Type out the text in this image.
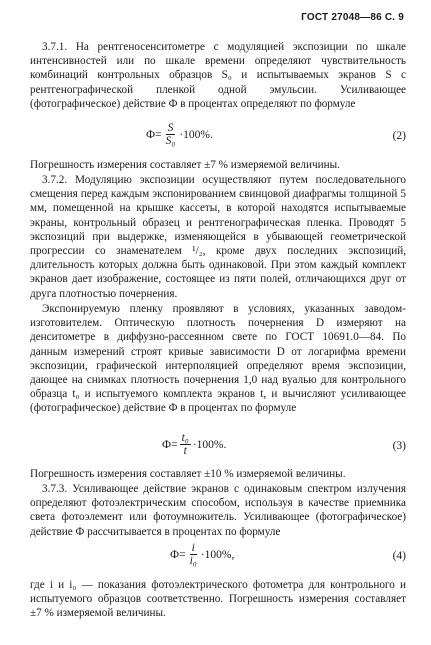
ГОСТ 27048—86 С. 9

3.7.1. На рентгеносенситометре с модуляцией экспозиции по шкале интенсивностей или по шкале времени определяют чувствительность комбинаций контрольных образцов S₀ и испытываемых экранов S с рентгенографической пленкой одной эмульсии. Усиливающее (фотографическое) действие Ф в процентах определяют по формуле

$Ф= \frac{S}{\text{S₀}} \cdot 100\%$.	(2)

Погрешность измерения составляет ±7 % измеряемой величины.

3.7.2. Модуляцию экспозиции осуществляют путем последовательного смещения перед каждым экспонированием свинцовой диафрагмы толщиной 5 мм, помещенной на крышке кассеты, в которой находятся испытываемые экраны, контрольный образец и рентгенографическая пленка. Проводят 5 экспозиций при выдержке, изменяющейся в убывающей геометрической прогрессии со знаменателем ¹/₂, кроме двух последних экспозиций, длительность которых должна быть одинаковой. При этом каждый комплект экранов дает изображение, состоящее из пяти полей, отличающихся друг от друга плотностью почернения.

Экспонируемую пленку проявляют в условиях, указанных заводом-изготовителем. Оптическую плотность почернения D измеряют на денситометре в диффузно-рассеянном свете по ГОСТ 10691.0—84. По данным измерений строят кривые зависимости D от логарифма времени экспозиции, графической интерполяцией определяют время экспозиции, дающее на снимках плотность почернения 1,0 над вуалью для контрольного образца t₀ и испытуемого комплекта экранов t, и вычисляют усиливающее (фотографическое) действие Ф в процентах по формуле

$Ф= \frac{\text{t₀}}{t} \cdot 100\%$.	(3)

Погрешность измерения составляет ±10 % измеряемой величины.

3.7.3. Усиливающее действие экранов с одинаковым спектром излучения определяют фотоэлектрическим способом, используя в качестве приемника света фотоэлемент или фотоумножитель. Усиливающее (фотографическое) действие Ф рассчитывается в процентах по формуле

$Ф= \frac{i}{\text{i₀}} \cdot 100\%$,	(4)

где i и i₀ — показания фотоэлектрического фотометра для контрольного и испытуемого образцов соответственно. Погрешность измерения составляет ±7 % измеряемой величины.
